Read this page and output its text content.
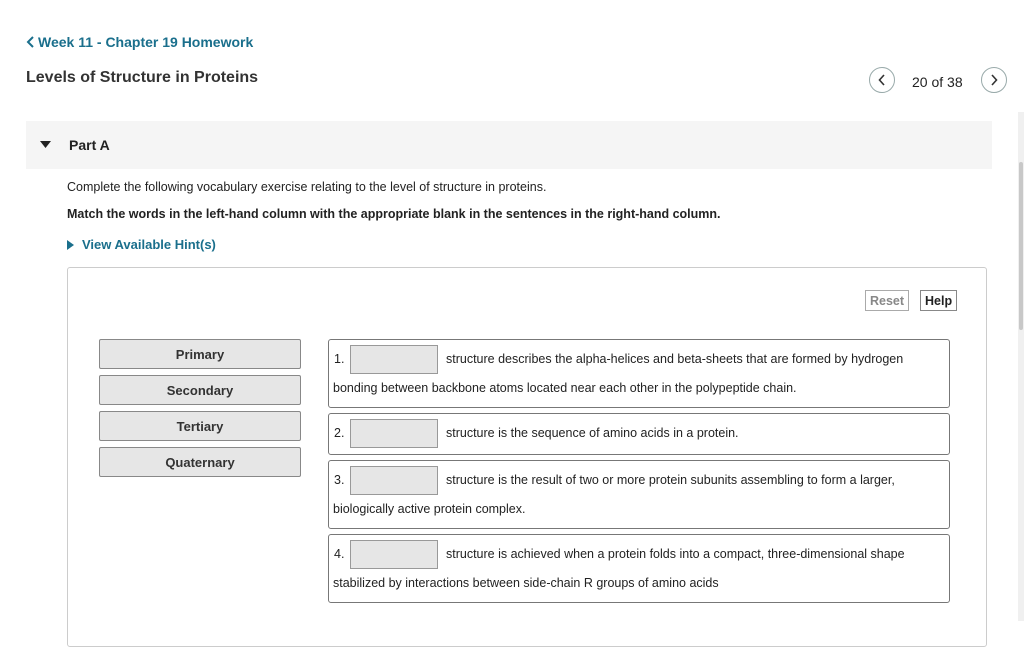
Week 11 - Chapter 19 Homework
Levels of Structure in Proteins	20 of 38
Part A
Complete the following vocabulary exercise relating to the level of structure in proteins.
Match the words in the left-hand column with the appropriate blank in the sentences in the right-hand column.
View Available Hint(s)
Reset	Help
Primary
Secondary
Tertiary
Quaternary
1.	structure describes the alpha-helices and beta-sheets that are formed by hydrogen
bonding between backbone atoms located near each other in the polypeptide chain.
2.	structure is the sequence of amino acids in a protein.
3.	structure is the result of two or more protein subunits assembling to form a larger,
biologically active protein complex.
4.	structure is achieved when a protein folds into a compact, three-dimensional shape
stabilized by interactions between side-chain R groups of amino acids
